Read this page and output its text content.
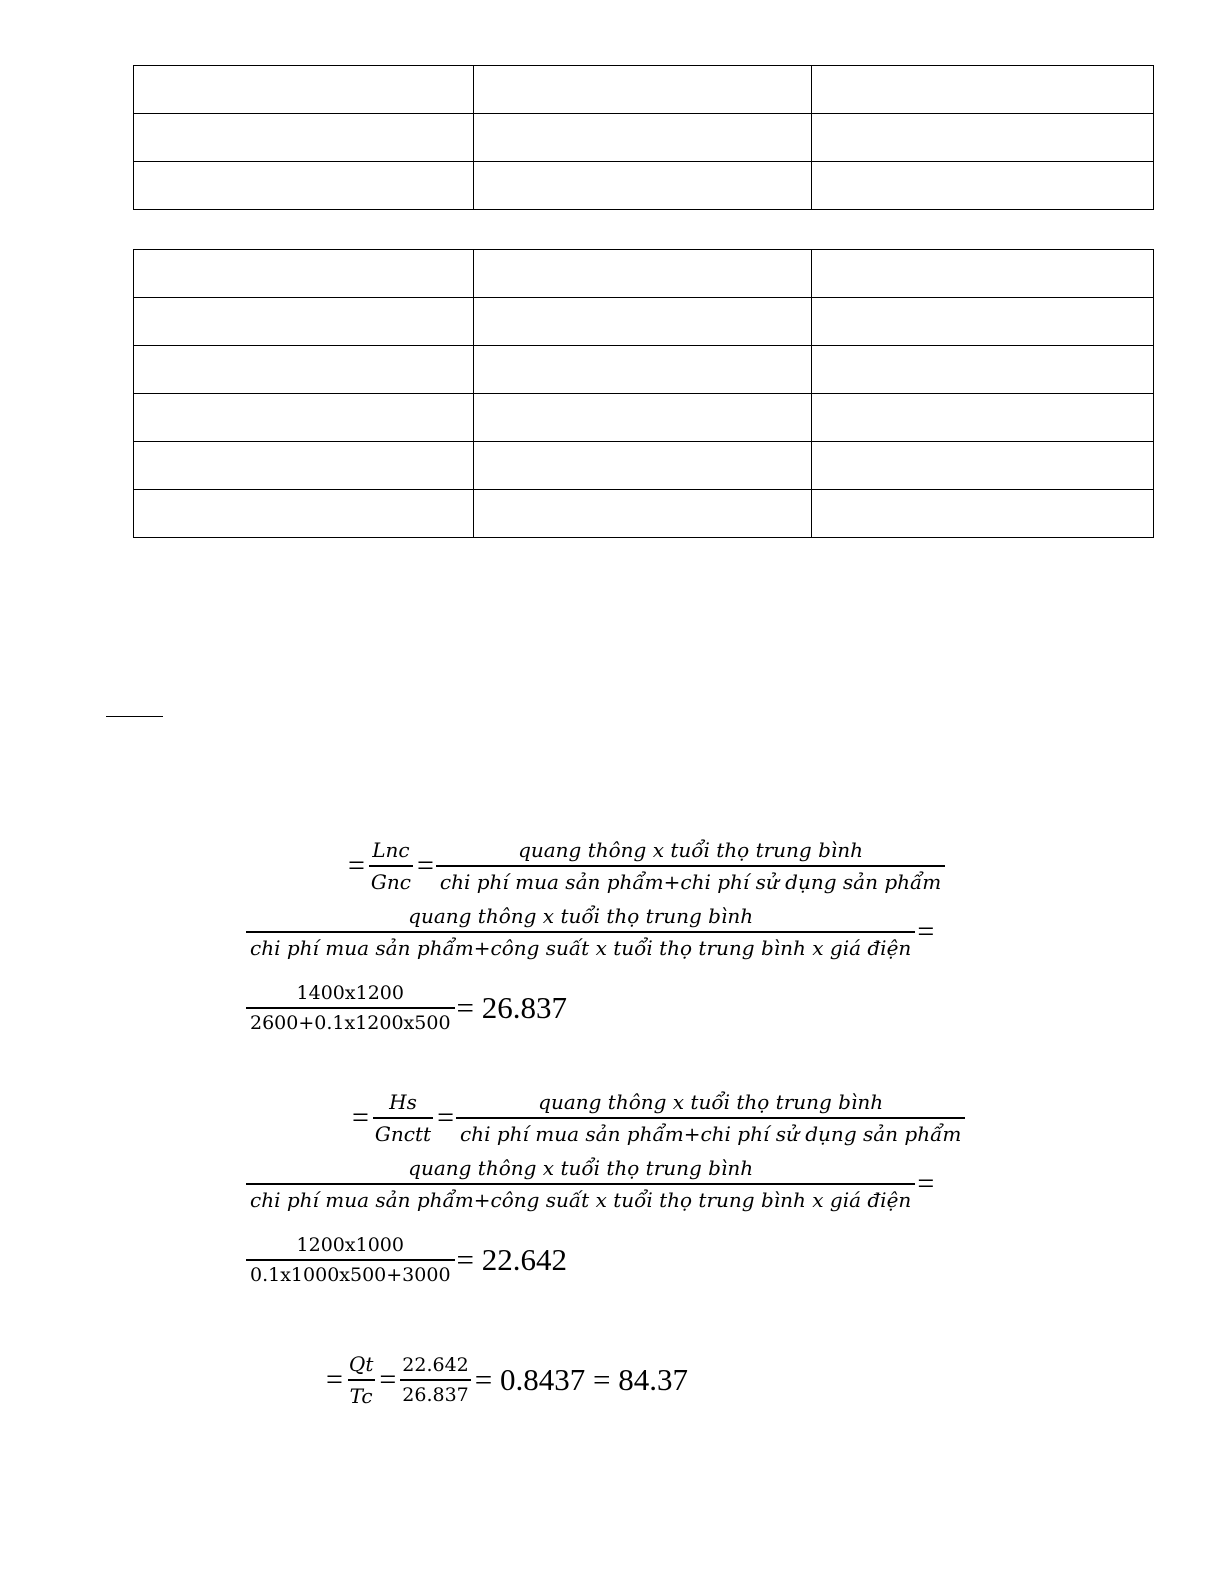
= $\frac{\text{Lnc}}{\text{Gnc}} = \frac{\text{quang thông x tuổi thọ trung bình}}{\text{chi phí mua sản phẩm+chi phí sử dụng sản phẩm}}$
quang thông x tuổi thọ trung bình
chi phí mua sản phẩm+công suất x tuổi thọ trung bình x giá điện =
$\frac{1400x1200}{2600+0.1x1200x500} = 26.837$
= $\frac{Hs}{\text{Gnctt}} = \frac{\text{quang thông x tuổi thọ trung bình}}{\text{chi phí mua sản phẩm+chi phí sử dụng sản phẩm}}$
quang thông x tuổi thọ trung bình
chi phí mua sản phẩm+công suất x tuổi thọ trung bình x giá điện =
$\frac{1200x1000}{0.1x1000x500+3000} = 22.642$
= $\frac{Qt}{Tc} = \frac{22.642}{26.837} = 0.8437 = 84.37$
